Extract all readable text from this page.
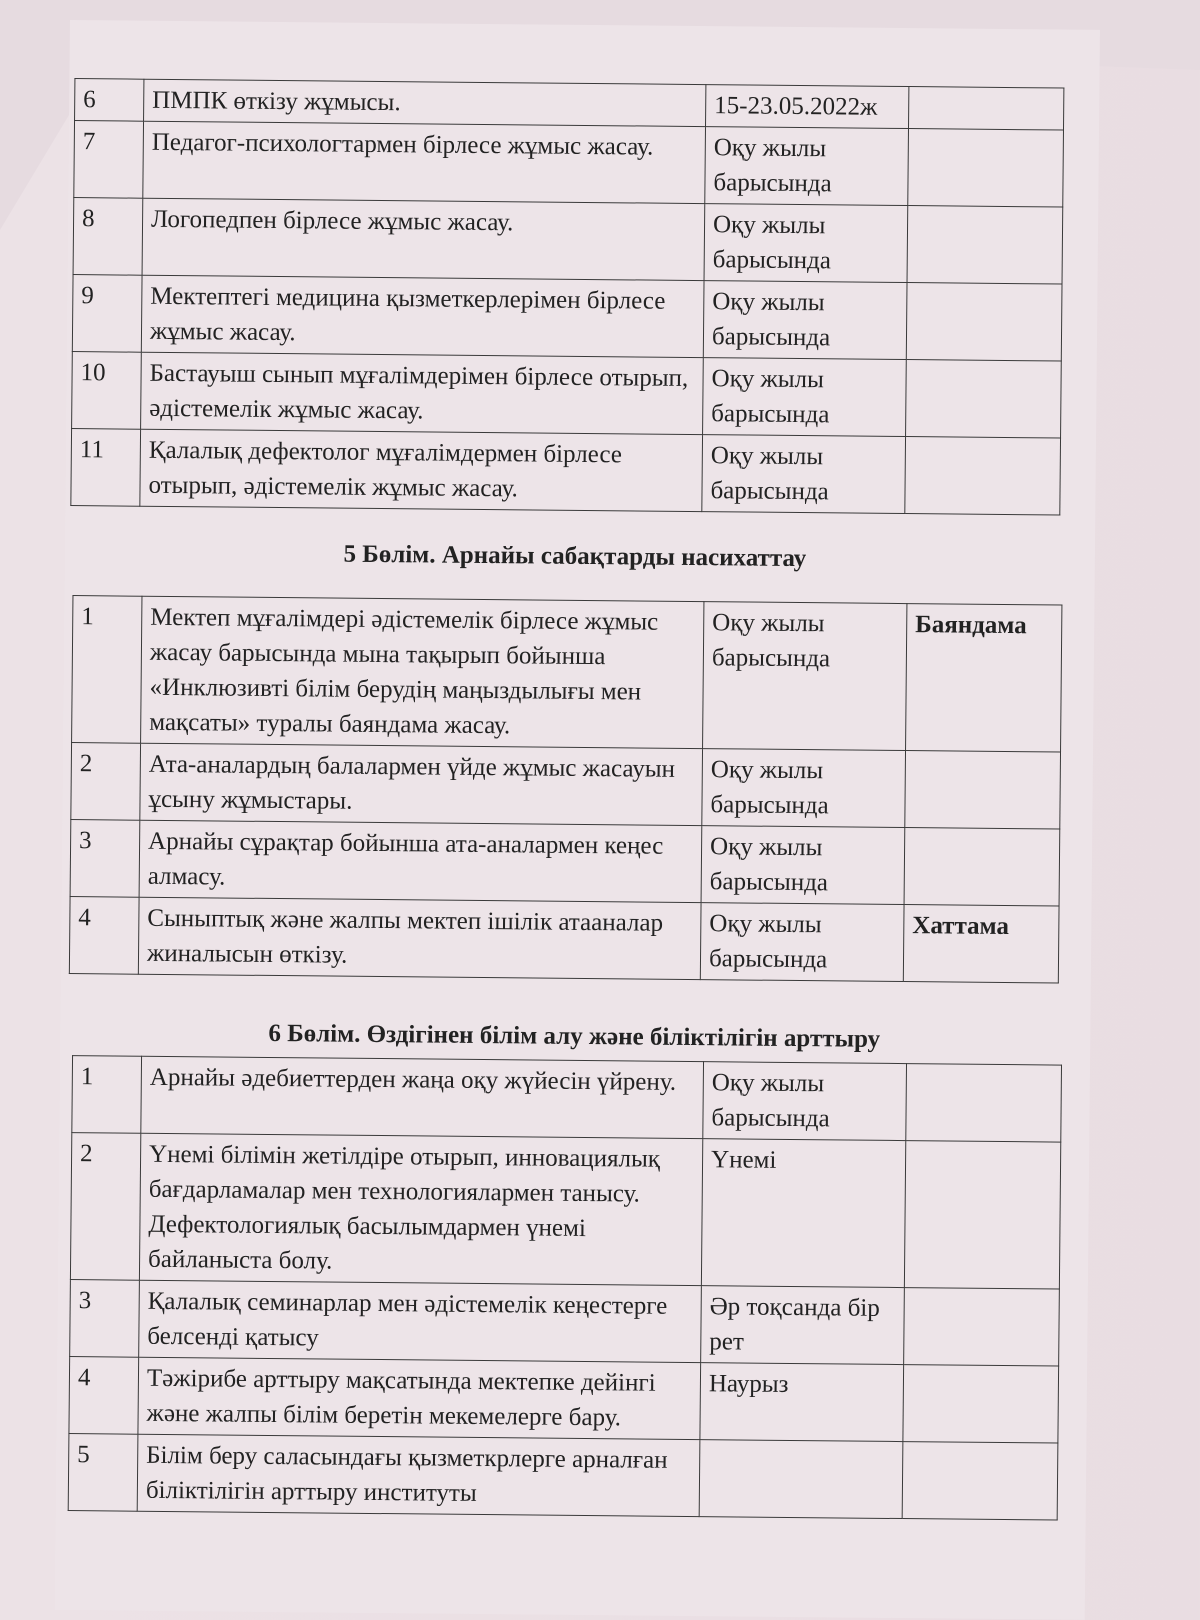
6	ПМПК өткізу жұмысы.	15-23.05.2022ж	
7	Педагог-психологтармен бірлесе жұмыс жасау.	Оқу жылы барысында	
8	Логопедпен бірлесе жұмыс жасау.	Оқу жылы барысында	
9	Мектептегі медицина қызметкерлерімен бірлесе жұмыс жасау.	Оқу жылы барысында	
10	Бастауыш сынып мұғалімдерімен бірлесе отырып, әдістемелік жұмыс жасау.	Оқу жылы барысында	
11	Қалалық дефектолог мұғалімдермен бірлесе отырып, әдістемелік жұмыс жасау.	Оқу жылы барысында	
5 Бөлім. Арнайы сабақтарды насихаттау
1	Мектеп мұғалімдері әдістемелік бірлесе жұмыс жасау барысында мына тақырып бойынша «Инклюзивті білім берудің маңыздылығы мен мақсаты» туралы баяндама жасау.	Оқу жылы барысында	Баяндама
2	Ата-аналардың балалармен үйде жұмыс жасауын ұсыну жұмыстары.	Оқу жылы барысында	
3	Арнайы сұрақтар бойынша ата-аналармен кеңес алмасу.	Оқу жылы барысында	
4	Сыныптық және жалпы мектеп ішілік атааналар жиналысын өткізу.	Оқу жылы барысында	Хаттама
6 Бөлім. Өздігінен білім алу және біліктілігін арттыру
1	Арнайы әдебиеттерден жаңа оқу жүйесін үйрену.	Оқу жылы барысында	
2	Үнемі білімін жетілдіре отырып, инновациялық бағдарламалар мен технологиялармен танысу. Дефектологиялық басылымдармен үнемі байланыста болу.	Үнемі	
3	Қалалық семинарлар мен әдістемелік кеңестерге белсенді қатысу	Әр тоқсанда бір рет	
4	Тәжірибе арттыру мақсатында мектепке дейінгі және жалпы білім беретін мекемелерге бару.	Наурыз	
5	Білім беру саласындағы қызметкрлерге арналған біліктілігін арттыру институты		
